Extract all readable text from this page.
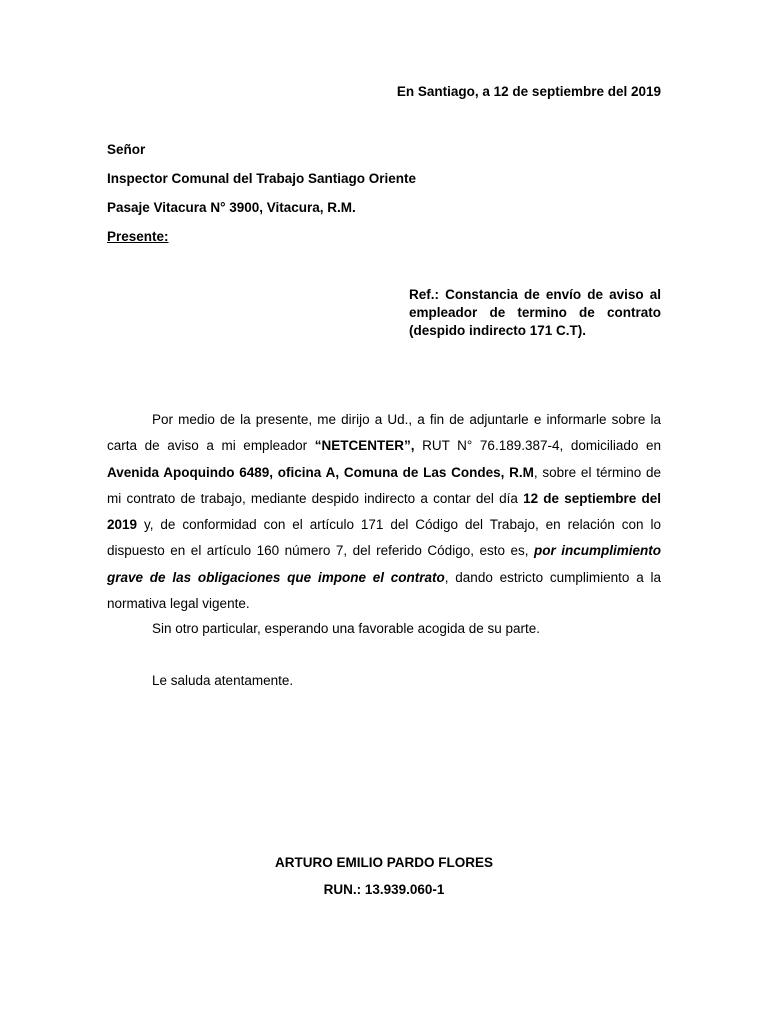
En Santiago, a 12 de septiembre del 2019
Señor
Inspector Comunal del Trabajo Santiago Oriente
Pasaje Vitacura N° 3900, Vitacura, R.M.
Presente:
Ref.: Constancia de envío de aviso al empleador de termino de contrato (despido indirecto 171 C.T).
Por medio de la presente, me dirijo a Ud., a fin de adjuntarle e informarle sobre la carta de aviso a mi empleador “NETCENTER”, RUT N° 76.189.387-4, domiciliado en Avenida Apoquindo 6489, oficina A, Comuna de Las Condes, R.M, sobre el término de mi contrato de trabajo, mediante despido indirecto a contar del día 12 de septiembre del 2019 y, de conformidad con el artículo 171 del Código del Trabajo, en relación con lo dispuesto en el artículo 160 número 7, del referido Código, esto es, por incumplimiento grave de las obligaciones que impone el contrato, dando estricto cumplimiento a la normativa legal vigente.
Sin otro particular, esperando una favorable acogida de su parte.
Le saluda atentamente.
ARTURO EMILIO PARDO FLORES
RUN.: 13.939.060-1
